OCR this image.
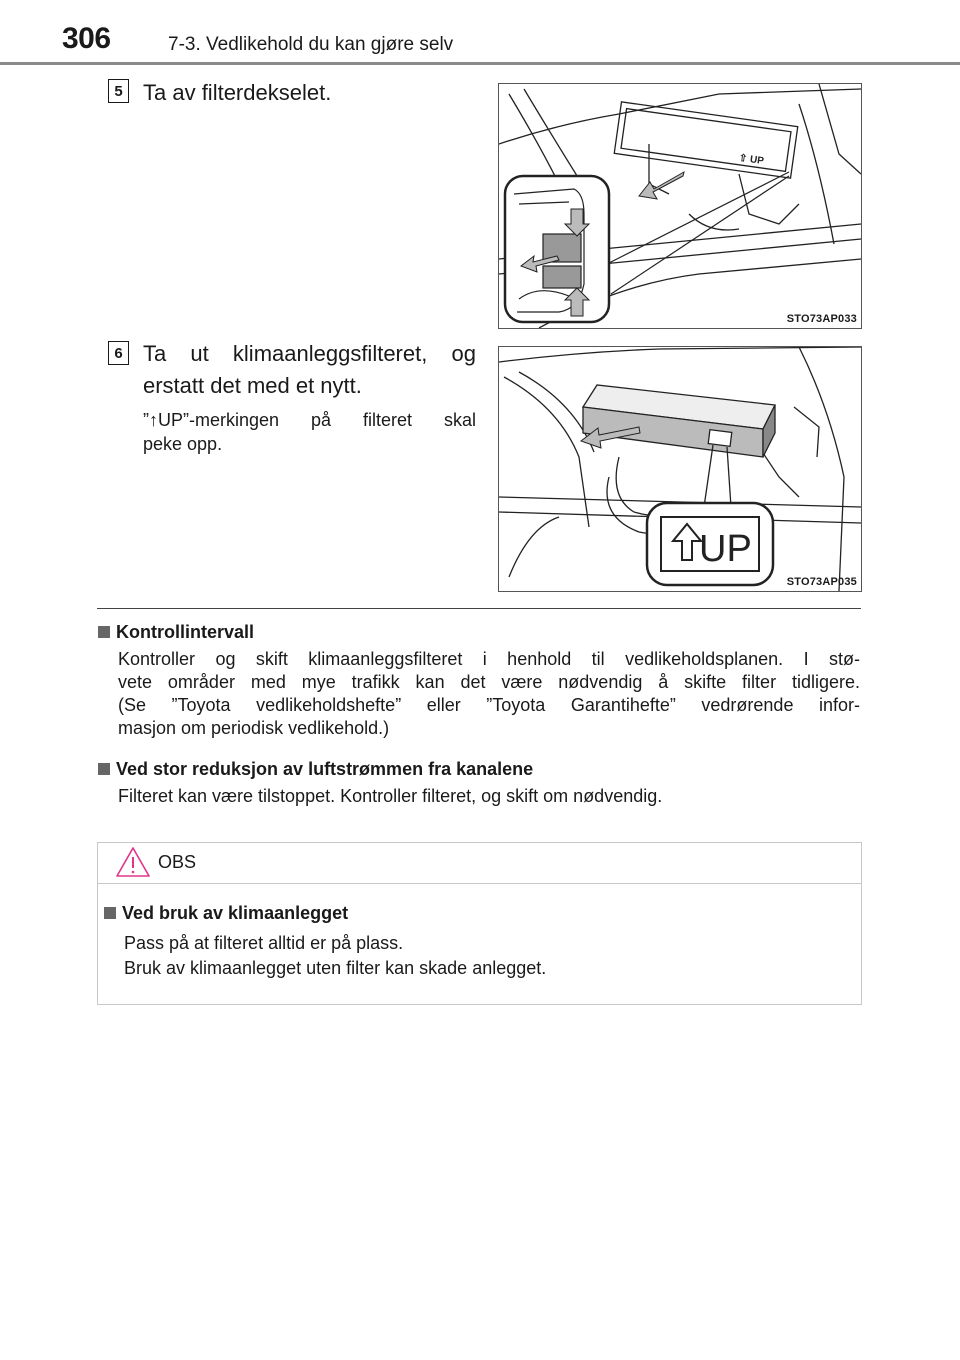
306	7-3. Vedlikehold du kan gjøre selv
5 Ta av filterdekselet.
⇧ UP
STO73AP033
6 Ta ut klimaanleggsfilteret, og
erstatt det med et nytt.
”↑UP”-merkingen på filteret skal
peke opp.
UP
STO73AP035
Kontrollintervall
Kontroller og skift klimaanleggsfilteret i henhold til vedlikeholdsplanen. I stø-
vete områder med mye trafikk kan det være nødvendig å skifte filter tidligere.
(Se ”Toyota vedlikeholdshefte” eller ”Toyota Garantihefte” vedrørende infor-
masjon om periodisk vedlikehold.)
Ved stor reduksjon av luftstrømmen fra kanalene
Filteret kan være tilstoppet. Kontroller filteret, og skift om nødvendig.
OBS
Ved bruk av klimaanlegget
Pass på at filteret alltid er på plass.
Bruk av klimaanlegget uten filter kan skade anlegget.
